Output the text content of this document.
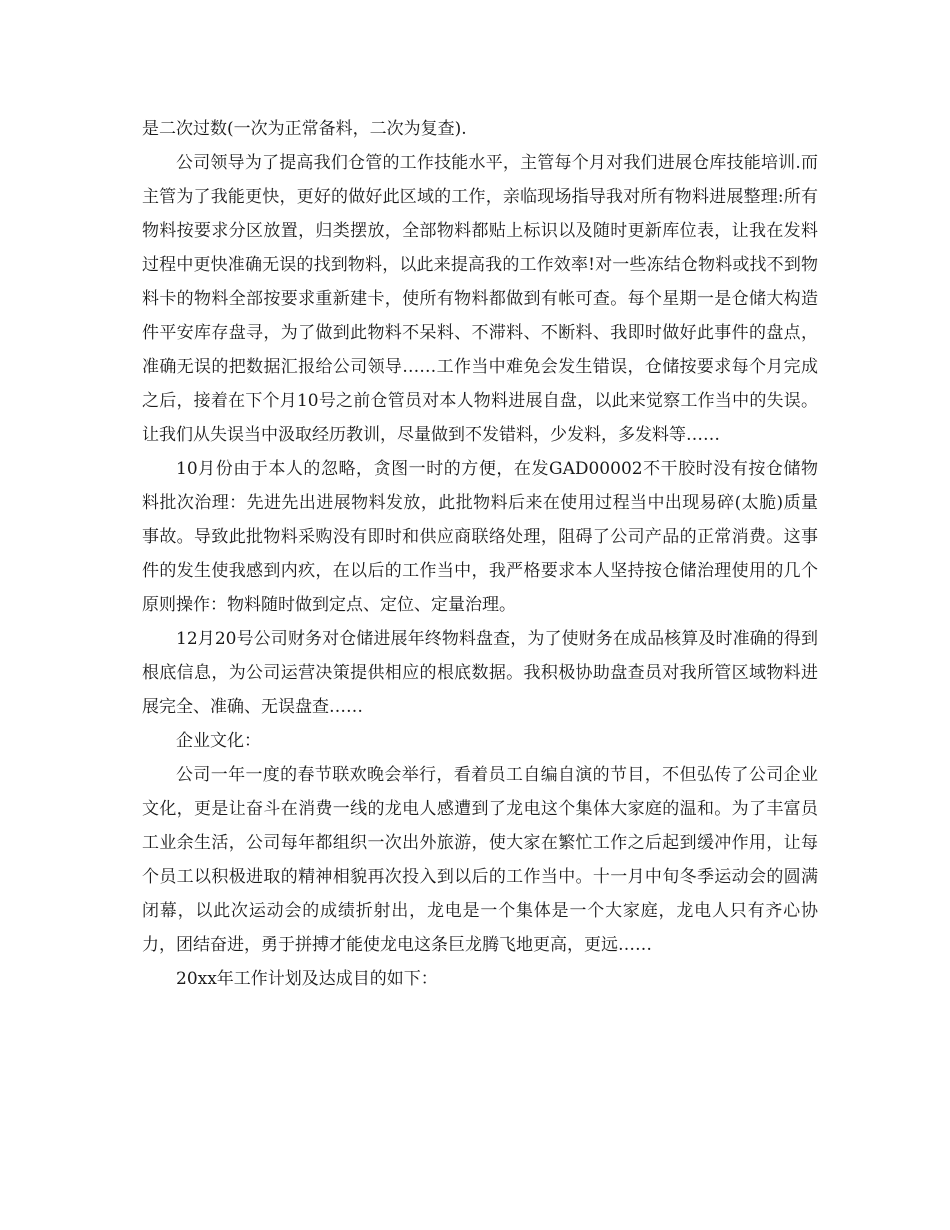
是二次过数(一次为正常备料，二次为复查).

公司领导为了提高我们仓管的工作技能水平，主管每个月对我们进展仓库技能培训.而主管为了我能更快，更好的做好此区域的工作，亲临现场指导我对所有物料进展整理:所有物料按要求分区放置，归类摆放，全部物料都贴上标识以及随时更新库位表，让我在发料过程中更快准确无误的找到物料，以此来提高我的工作效率!对一些冻结仓物料或找不到物料卡的物料全部按要求重新建卡，使所有物料都做到有帐可查。每个星期一是仓储大构造件平安库存盘寻，为了做到此物料不呆料、不滞料、不断料、我即时做好此事件的盘点，准确无误的把数据汇报给公司领导……工作当中难免会发生错误，仓储按要求每个月完成之后，接着在下个月10号之前仓管员对本人物料进展自盘，以此来觉察工作当中的失误。让我们从失误当中汲取经历教训，尽量做到不发错料，少发料，多发料等……

10月份由于本人的忽略，贪图一时的方便，在发GAD00002不干胶时没有按仓储物料批次治理：先进先出进展物料发放，此批物料后来在使用过程当中出现易碎(太脆)质量事故。导致此批物料采购没有即时和供应商联络处理，阻碍了公司产品的正常消费。这事件的发生使我感到内疚，在以后的工作当中，我严格要求本人坚持按仓储治理使用的几个原则操作：物料随时做到定点、定位、定量治理。

12月20号公司财务对仓储进展年终物料盘查，为了使财务在成品核算及时准确的得到根底信息，为公司运营决策提供相应的根底数据。我积极协助盘查员对我所管区域物料进展完全、准确、无误盘查……

企业文化：

公司一年一度的春节联欢晚会举行，看着员工自编自演的节目，不但弘传了公司企业文化，更是让奋斗在消费一线的龙电人感遭到了龙电这个集体大家庭的温和。为了丰富员工业余生活，公司每年都组织一次出外旅游，使大家在繁忙工作之后起到缓冲作用，让每个员工以积极进取的精神相貌再次投入到以后的工作当中。十一月中旬冬季运动会的圆满闭幕，以此次运动会的成绩折射出，龙电是一个集体是一个大家庭，龙电人只有齐心协力，团结奋进，勇于拼搏才能使龙电这条巨龙腾飞地更高，更远……

20xx年工作计划及达成目的如下：
